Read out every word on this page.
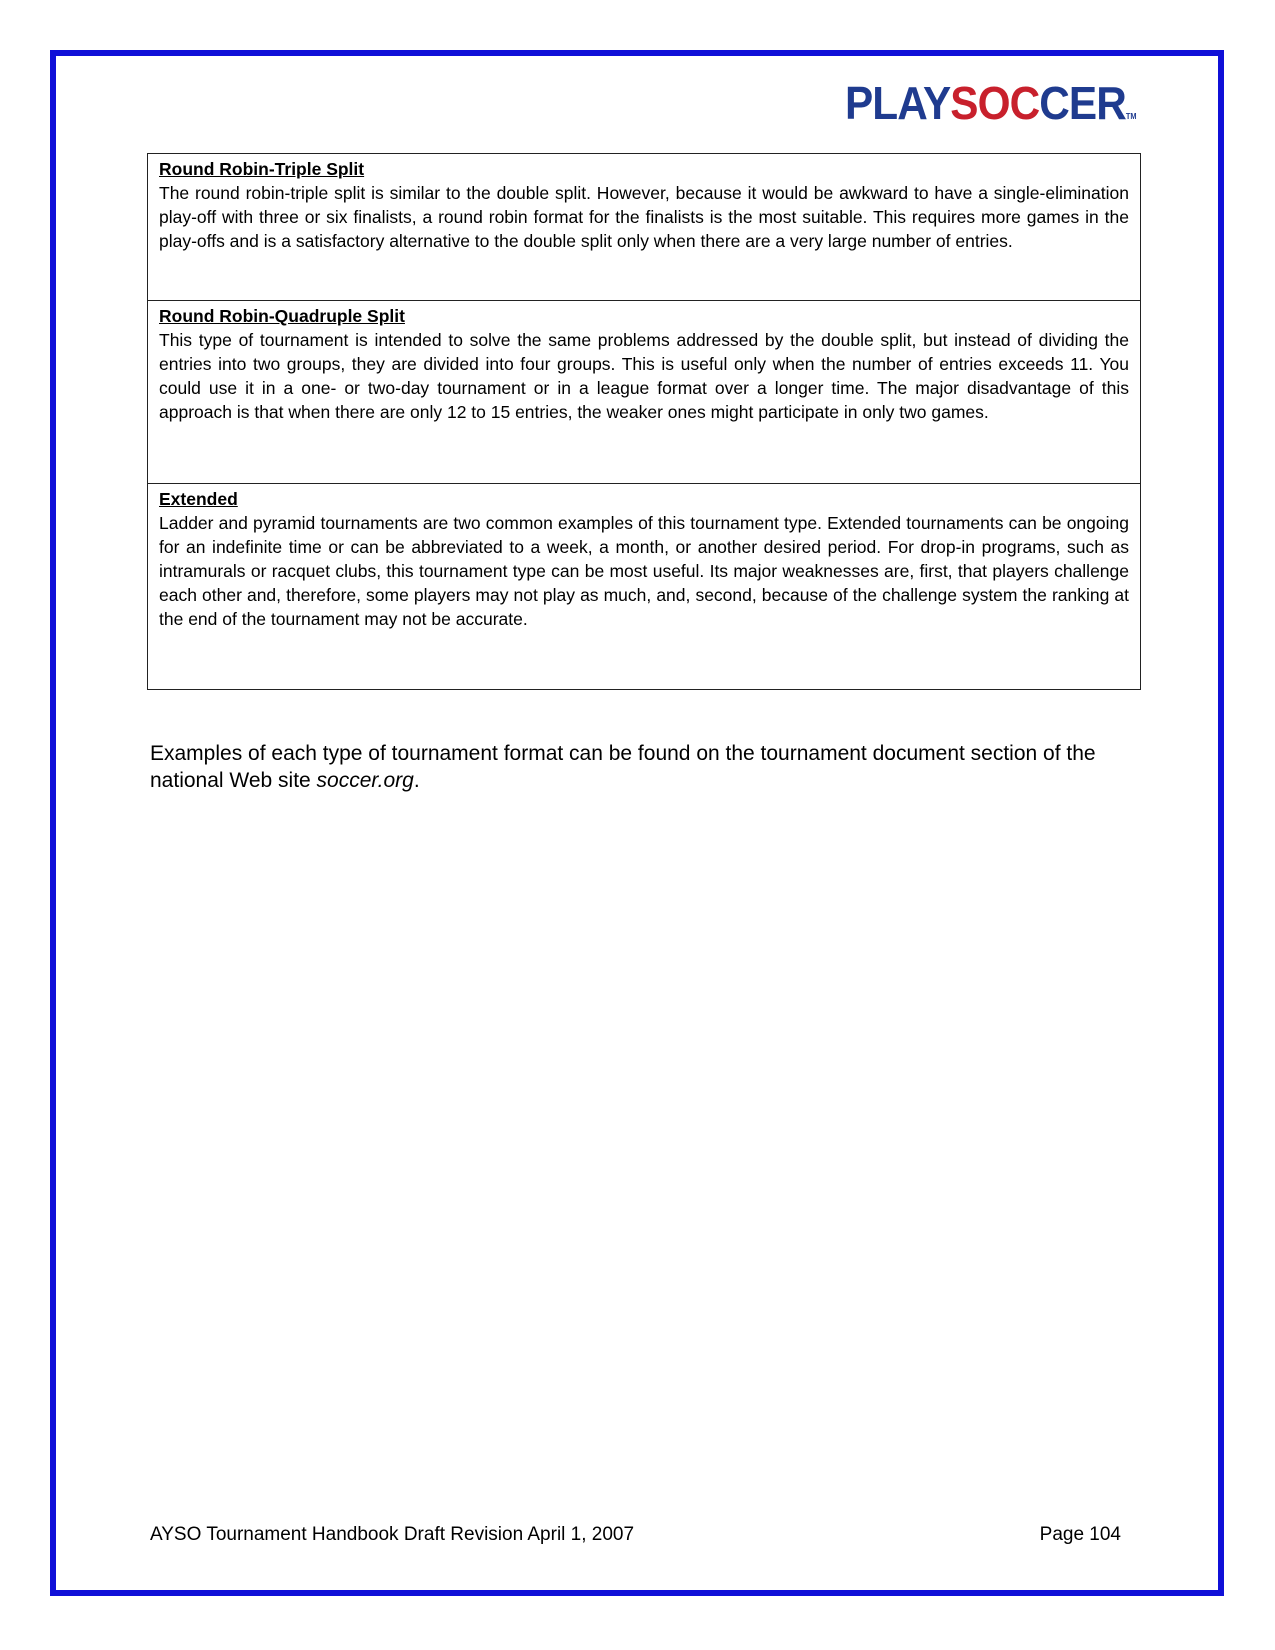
PLAYSOCCERTM
Round Robin-Triple Split
The round robin-triple split is similar to the double split. However, because it would be awkward to have a single-elimination play-off with three or six finalists, a round robin format for the finalists is the most suitable. This requires more games in the play-offs and is a satisfactory alternative to the double split only when there are a very large number of entries.
Round Robin-Quadruple Split
This type of tournament is intended to solve the same problems addressed by the double split, but instead of dividing the entries into two groups, they are divided into four groups. This is useful only when the number of entries exceeds 11. You could use it in a one- or two-day tournament or in a league format over a longer time. The major disadvantage of this approach is that when there are only 12 to 15 entries, the weaker ones might participate in only two games.
Extended
Ladder and pyramid tournaments are two common examples of this tournament type. Extended tournaments can be ongoing for an indefinite time or can be abbreviated to a week, a month, or another desired period. For drop-in programs, such as intramurals or racquet clubs, this tournament type can be most useful. Its major weaknesses are, first, that players challenge each other and, therefore, some players may not play as much, and, second, because of the challenge system the ranking at the end of the tournament may not be accurate.
Examples of each type of tournament format can be found on the tournament document section of the national Web site soccer.org.
AYSO Tournament Handbook Draft Revision April 1, 2007	Page 104
